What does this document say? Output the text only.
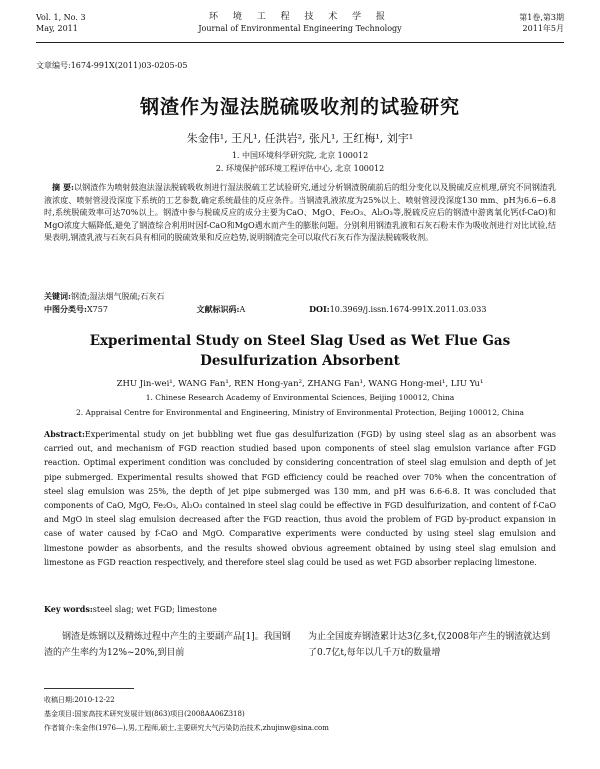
Vol. 1, No. 3
May, 2011
环 境 工 程 技 术 学 报
Journal of Environmental Engineering Technology
第1卷,第3期
2011年5月
文章编号:1674-991X(2011)03-0205-05
钢渣作为湿法脱硫吸收剂的试验研究
朱金伟¹, 王凡¹, 任洪岩², 张凡¹, 王红梅¹, 刘宇¹
1. 中国环境科学研究院, 北京 100012
2. 环境保护部环境工程评估中心, 北京 100012
摘 要:以钢渣作为喷射鼓泡法湿法脱硫吸收剂进行湿法脱硫工艺试验研究,通过分析钢渣脱硫前后的组分变化以及脱硫反应机理,研究不同钢渣乳液浓度、喷射管浸没深度下系统的工艺参数,确定系统最佳的反应条件。当钢渣乳液浓度为25%以上、喷射管浸没深度130 mm、pH为6.6~6.8时,系统脱硫效率可达70%以上。钢渣中参与脱硫反应的成分主要为CaO、MgO、Fe₂O₃、Al₂O₃等,脱硫反应后的钢渣中游离氧化钙(f-CaO)和MgO浓度大幅降低,避免了钢渣综合利用时因f-CaO和MgO遇水而产生的膨胀问题。分别利用钢渣乳液和石灰石粉末作为吸收剂进行对比试验,结果表明,钢渣乳液与石灰石具有相同的脱硫效果和反应趋势,说明钢渣完全可以取代石灰石作为湿法脱硫吸收剂。
关键词:钢渣;湿法烟气脱硫;石灰石
中图分类号:X757	文献标识码:A	DOI:10.3969/j.issn.1674-991X.2011.03.033
Experimental Study on Steel Slag Used as Wet Flue Gas
Desulfurization Absorbent
ZHU Jin-wei¹, WANG Fan¹, REN Hong-yan², ZHANG Fan¹, WANG Hong-mei¹, LIU Yu¹
1. Chinese Research Academy of Environmental Sciences, Beijing 100012, China
2. Appraisal Centre for Environmental and Engineering, Ministry of Environmental Protection, Beijing 100012, China
Abstract:Experimental study on jet bubbling wet flue gas desulfurization (FGD) by using steel slag as an absorbent was carried out, and mechanism of FGD reaction studied based upon components of steel slag emulsion variance after FGD reaction. Optimal experiment condition was concluded by considering concentration of steel slag emulsion and depth of jet pipe submerged. Experimental results showed that FGD efficiency could be reached over 70% when the concentration of steel slag emulsion was 25%, the depth of jet pipe submerged was 130 mm, and pH was 6.6-6.8. It was concluded that components of CaO, MgO, Fe₂O₃, Al₂O₃ contained in steel slag could be effective in FGD desulfurization, and content of f-CaO and MgO in steel slag emulsion decreased after the FGD reaction, thus avoid the problem of FGD by-product expansion in case of water caused by f-CaO and MgO. Comparative experiments were conducted by using steel slag emulsion and limestone powder as absorbents, and the results showed obvious agreement obtained by using steel slag emulsion and limestone as FGD reaction respectively, and therefore steel slag could be used as wet FGD absorber replacing limestone.
Key words:steel slag; wet FGD; limestone
钢渣是炼钢以及精炼过程中产生的主要副产品[1]。我国钢渣的产生率约为12%~20%,到目前
为止全国废弃钢渣累计达3亿多t,仅2008年产生的钢渣就达到了0.7亿t,每年以几千万t的数量增
收稿日期:2010-12-22
基金项目:国家高技术研究发展计划(863)项目(2008AA06Z318)
作者简介:朱金伟(1976—),男,工程师,硕士,主要研究大气污染防治技术,zhujinw@sina.com
